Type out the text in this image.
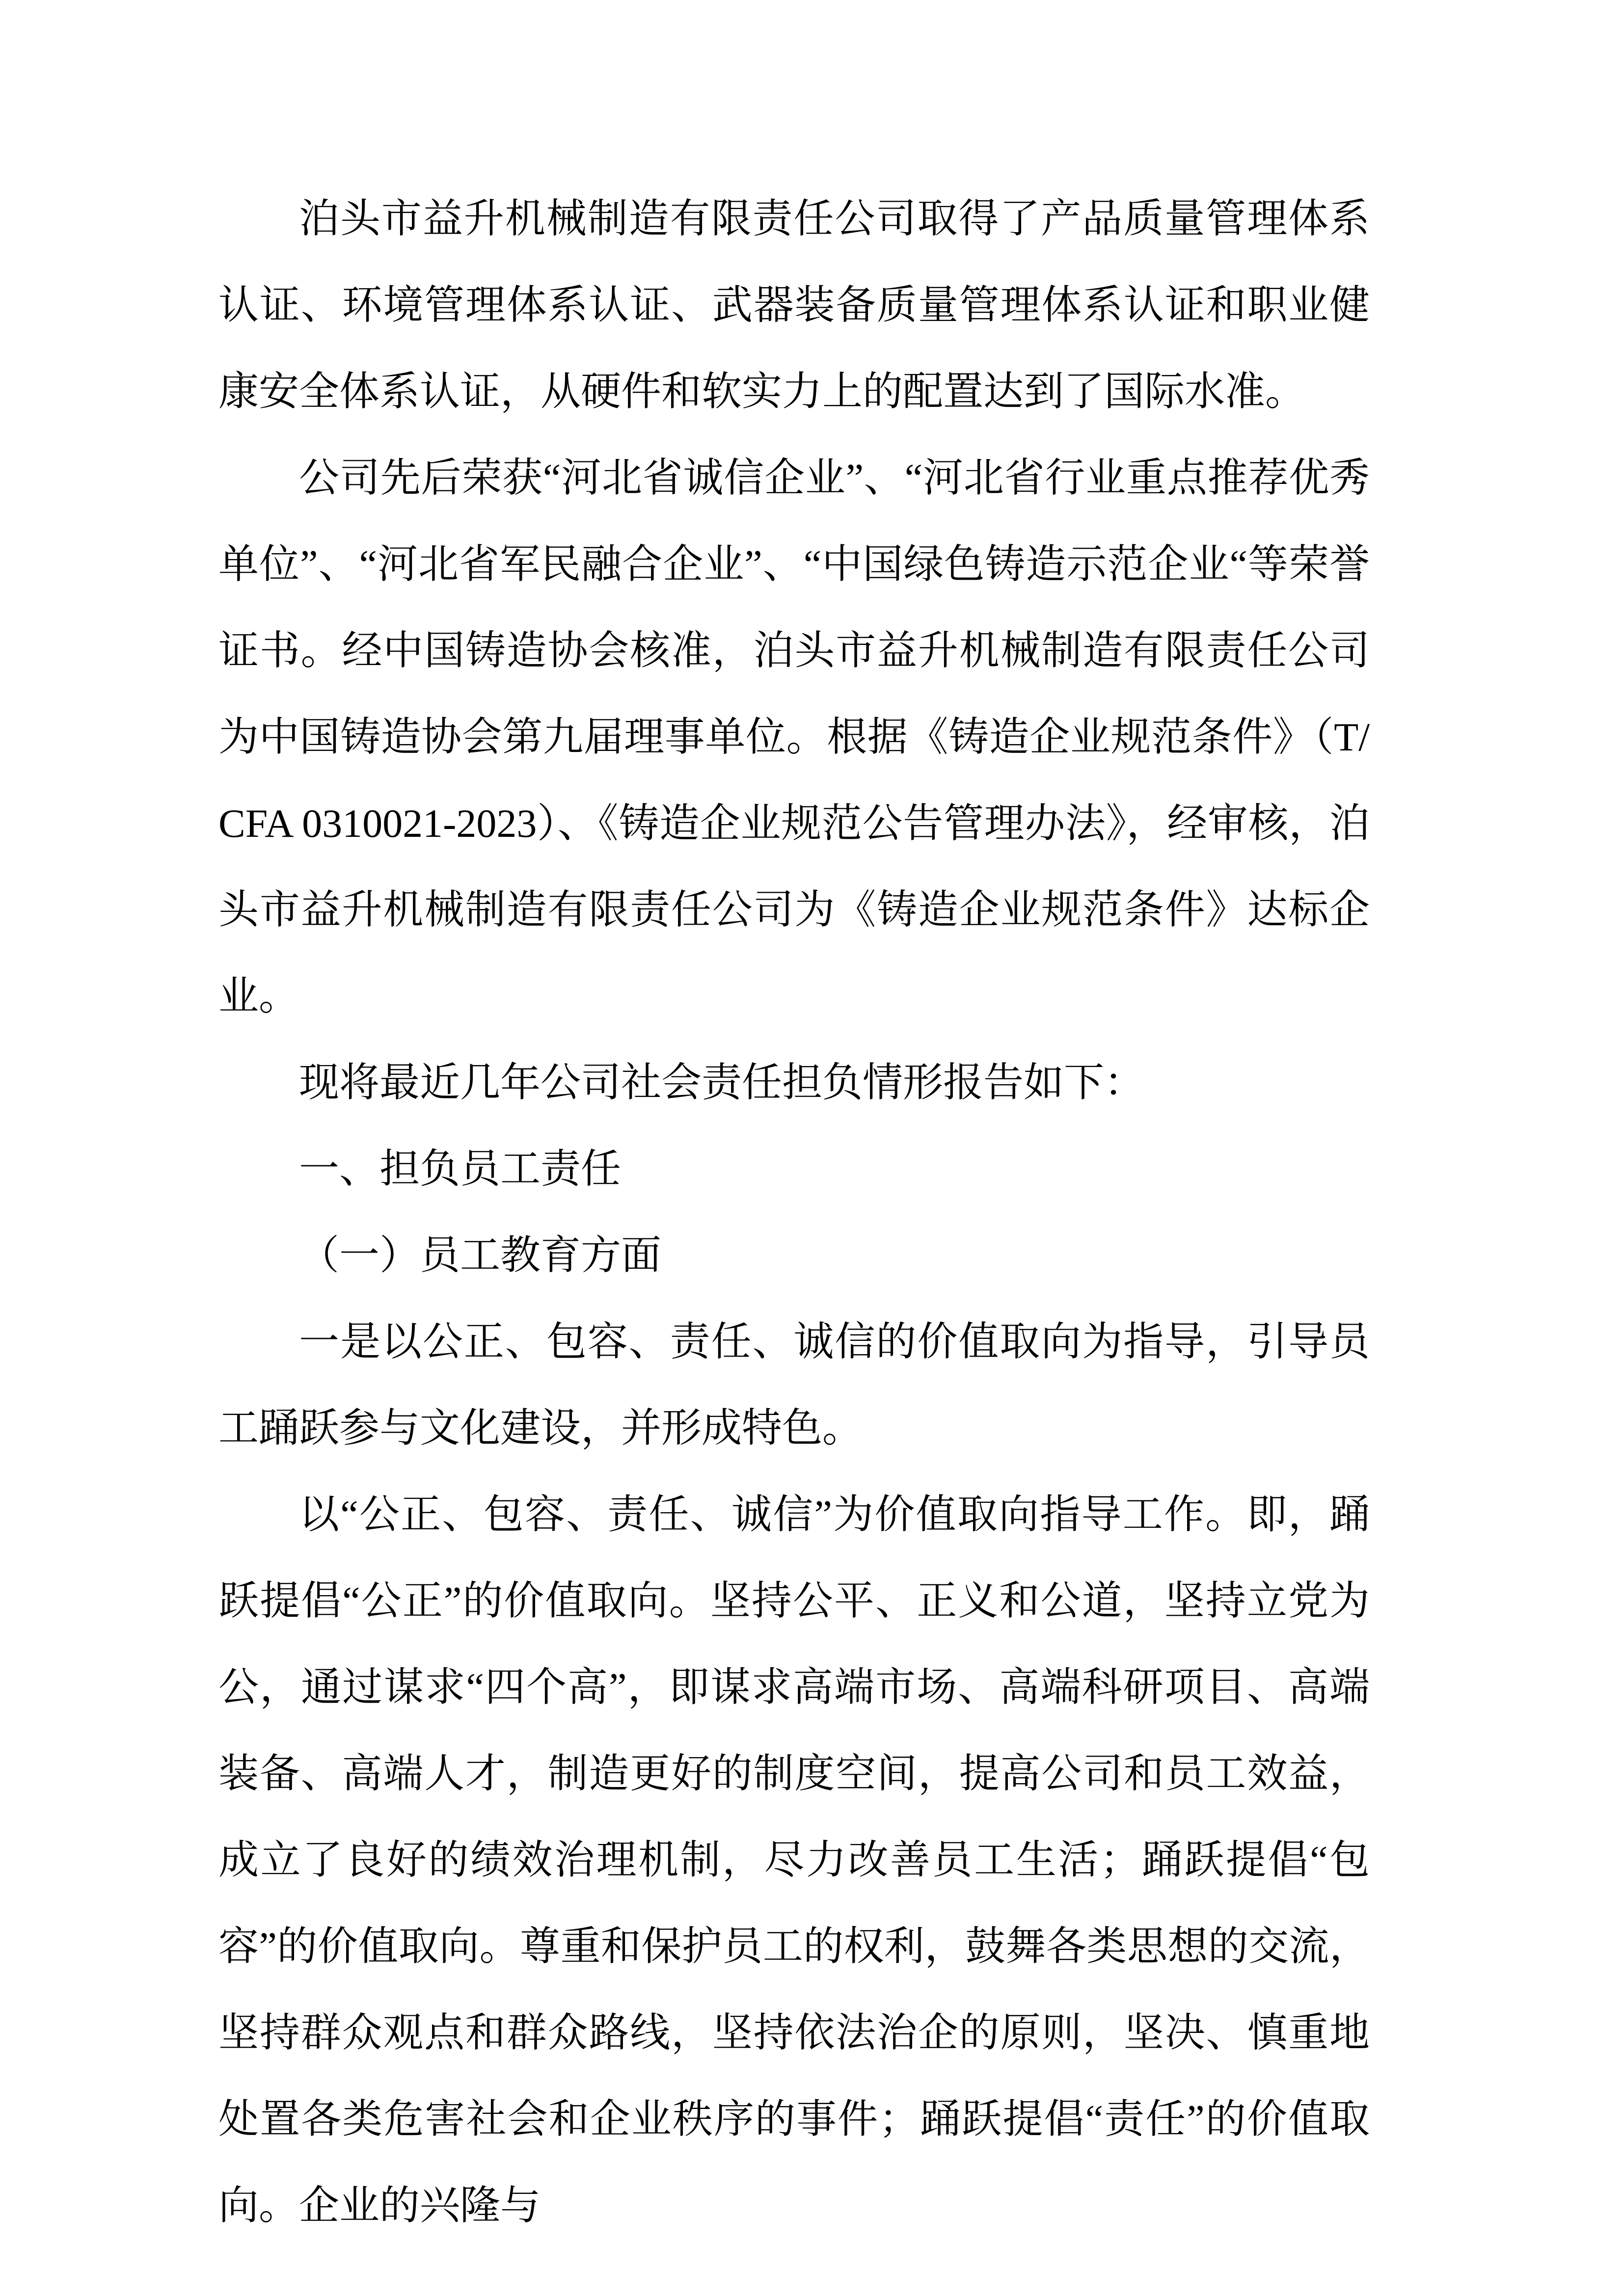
泊头市益升机械制造有限责任公司取得了产品质量管理体系认证、环境管理体系认证、武器装备质量管理体系认证和职业健康安全体系认证，从硬件和软实力上的配置达到了国际水准。

公司先后荣获“河北省诚信企业”、“河北省行业重点推荐优秀单位”、“河北省军民融合企业”、“中国绿色铸造示范企业“等荣誉证书。经中国铸造协会核准，泊头市益升机械制造有限责任公司为中国铸造协会第九届理事单位。根据《铸造企业规范条件》（T/CFA 0310021-2023）、《铸造企业规范公告管理办法》，经审核，泊头市益升机械制造有限责任公司为《铸造企业规范条件》达标企业。

现将最近几年公司社会责任担负情形报告如下：

一、担负员工责任

（一）员工教育方面

一是以公正、包容、责任、诚信的价值取向为指导，引导员工踊跃参与文化建设，并形成特色。

以“公正、包容、责任、诚信”为价值取向指导工作。即，踊跃提倡“公正”的价值取向。坚持公平、正义和公道，坚持立党为公，通过谋求“四个高”，即谋求高端市场、高端科研项目、高端装备、高端人才，制造更好的制度空间，提高公司和员工效益，成立了良好的绩效治理机制，尽力改善员工生活；踊跃提倡“包容”的价值取向。尊重和保护员工的权利，鼓舞各类思想的交流，坚持群众观点和群众路线，坚持依法治企的原则，坚决、慎重地处置各类危害社会和企业秩序的事件；踊跃提倡“责任”的价值取向。企业的兴隆与
